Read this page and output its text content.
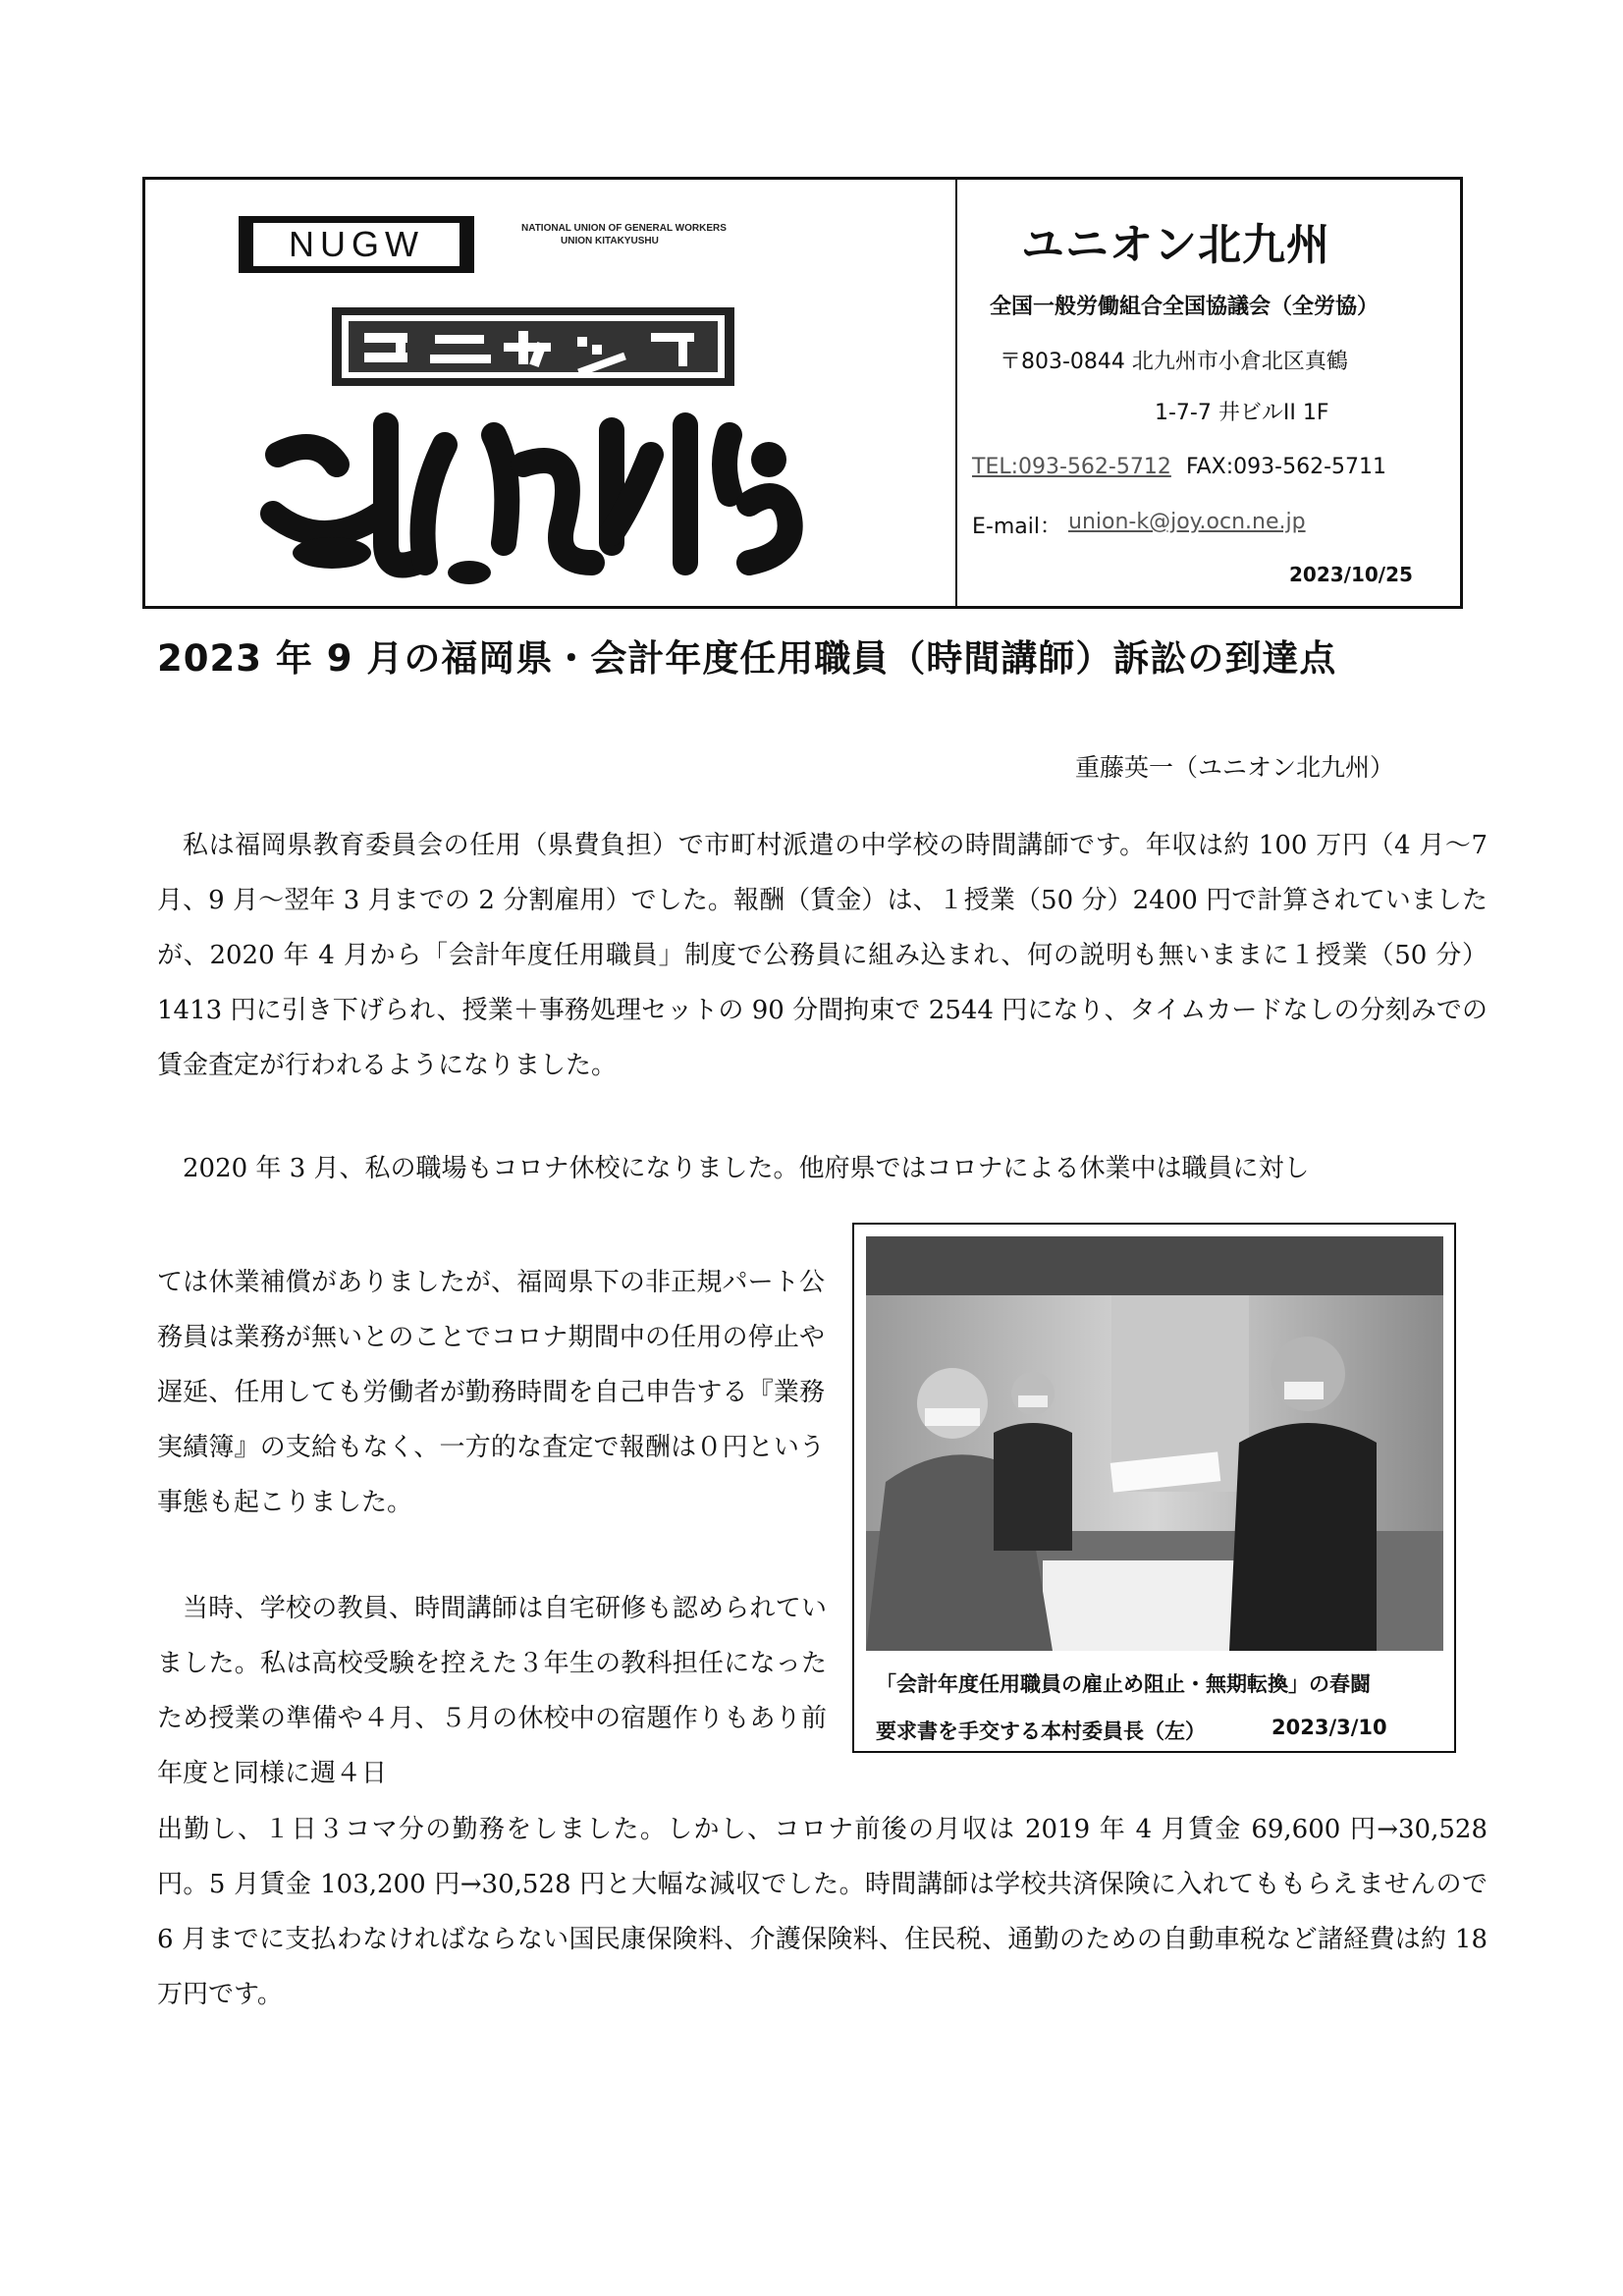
NUGW	NATIONAL UNION OF GENERAL WORKERS
UNION KITAKYUSHU	ユニオン北九州
全国一般労働組合全国協議会（全労協）
〒803-0844 北九州市小倉北区真鶴
1-7-7 井ビルII 1F
TEL:093-562-5712 FAX:093-562-5711
E-mail： union-k@joy.ocn.ne.jp
2023/10/25
2023 年 9 月の福岡県・会計年度任用職員（時間講師）訴訟の到達点
重藤英一（ユニオン北九州）
私は福岡県教育委員会の任用（県費負担）で市町村派遣の中学校の時間講師です。年収は約 100 万円（4 月～7 月、9 月～翌年 3 月までの 2 分割雇用）でした。報酬（賃金）は、１授業（50 分）2400 円で計算されていましたが、2020 年 4 月から「会計年度任用職員」制度で公務員に組み込まれ、何の説明も無いままに１授業（50 分）1413 円に引き下げられ、授業＋事務処理セットの 90 分間拘束で 2544 円になり、タイムカードなしの分刻みでの賃金査定が行われるようになりました。
2020 年 3 月、私の職場もコロナ休校になりました。他府県ではコロナによる休業中は職員に対し
ては休業補償がありましたが、福岡県下の非正規パート公務員は業務が無いとのことでコロナ期間中の任用の停止や遅延、任用しても労働者が勤務時間を自己申告する『業務実績簿』の支給もなく、一方的な査定で報酬は０円という事態も起こりました。
当時、学校の教員、時間講師は自宅研修も認められていました。私は高校受験を控えた３年生の教科担任になったため授業の準備や４月、５月の休校中の宿題作りもあり前年度と同様に週４日
出勤し、１日３コマ分の勤務をしました。しかし、コロナ前後の月収は 2019 年 4 月賃金 69,600 円→30,528 円。5 月賃金 103,200 円→30,528 円と大幅な減収でした。時間講師は学校共済保険に入れてももらえませんので 6 月までに支払わなければならない国民康保険料、介護保険料、住民税、通勤のための自動車税など諸経費は約 18 万円です。
「会計年度任用職員の雇止め阻止・無期転換」の春闘
要求書を手交する本村委員長（左）	2023/3/10
